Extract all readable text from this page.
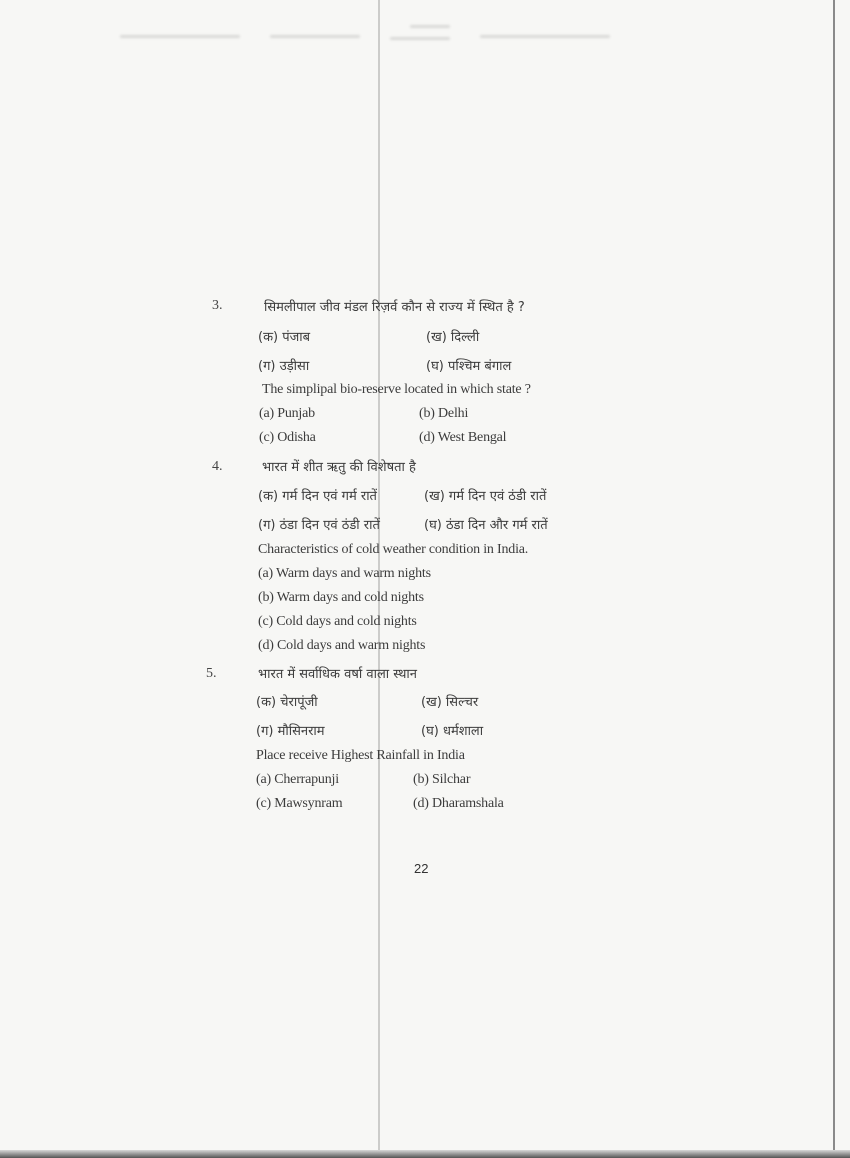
3.	सिमलीपाल जीव मंडल रिज़र्व कौन से राज्य में स्थित है ?
(क) पंजाब	(ख) दिल्ली
(ग) उड़ीसा	(घ) पश्चिम बंगाल
The simplipal bio-reserve located in which state ?
(a) Punjab	(b) Delhi
(c) Odisha	(d) West Bengal
4.	भारत में शीत ऋतु की विशेषता है
(क) गर्म दिन एवं गर्म रातें	(ख) गर्म दिन एवं ठंडी रातें
(ग) ठंडा दिन एवं ठंडी रातें	(घ) ठंडा दिन और गर्म रातें
Characteristics of cold weather condition in India.
(a) Warm days and warm nights
(b) Warm days and cold nights
(c) Cold days and cold nights
(d) Cold days and warm nights
5.	भारत में सर्वाधिक वर्षा वाला स्थान
(क) चेरापूंजी	(ख) सिल्चर
(ग) मौसिनराम	(घ) धर्मशाला
Place receive Highest Rainfall in India
(a) Cherrapunji	(b) Silchar
(c) Mawsynram	(d) Dharamshala
22
